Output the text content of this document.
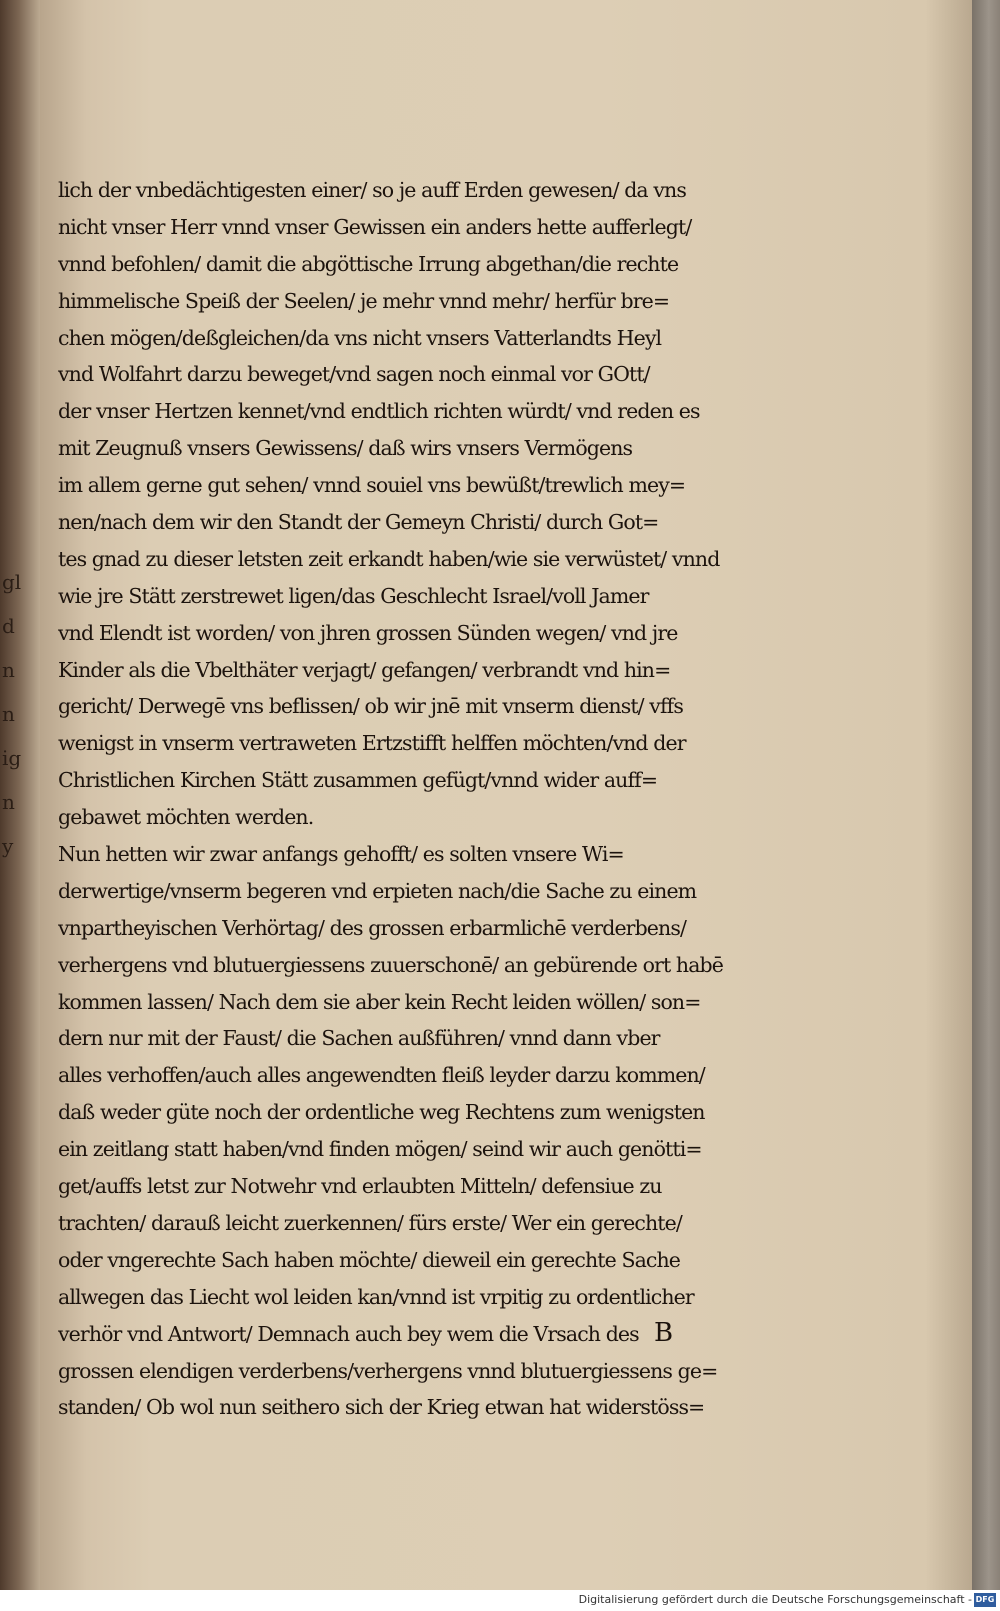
gl
d
n
n
ig
n
y
lich der vnbedächtigesten einer/ so je auff Erden gewesen/ da vns
nicht vnser Herr vnnd vnser Gewissen ein anders hette aufferlegt/
vnnd befohlen/ damit die abgöttische Irrung abgethan/die rechte
himmelische Speiß der Seelen/ je mehr vnnd mehr/ herfür bre=
chen mögen/deßgleichen/da vns nicht vnsers Vatterlandts Heyl
vnd Wolfahrt darzu beweget/vnd sagen noch einmal vor GOtt/
der vnser Hertzen kennet/vnd endtlich richten würdt/ vnd reden es
mit Zeugnuß vnsers Gewissens/ daß wirs vnsers Vermögens
im allem gerne gut sehen/ vnnd souiel vns bewüßt/trewlich mey=
nen/nach dem wir den Standt der Gemeyn Christi/ durch Got=
tes gnad zu dieser letsten zeit erkandt haben/wie sie verwüstet/ vnnd
wie jre Stätt zerstrewet ligen/das Geschlecht Israel/voll Jamer
vnd Elendt ist worden/ von jhren grossen Sünden wegen/ vnd jre
Kinder als die Vbelthäter verjagt/ gefangen/ verbrandt vnd hin=
gericht/ Derwegē vns beflissen/ ob wir jnē mit vnserm dienst/ vffs
wenigst in vnserm vertraweten Ertzstifft helffen möchten/vnd der
Christlichen Kirchen Stätt zusammen gefügt/vnnd wider auff=
gebawet möchten werden.
Nun hetten wir zwar anfangs gehofft/ es solten vnsere Wi=
derwertige/vnserm begeren vnd erpieten nach/die Sache zu einem
vnpartheyischen Verhörtag/ des grossen erbarmlichē verderbens/
verhergens vnd blutuergiessens zuuerschonē/ an gebürende ort habē
kommen lassen/ Nach dem sie aber kein Recht leiden wöllen/ son=
dern nur mit der Faust/ die Sachen außführen/ vnnd dann vber
alles verhoffen/auch alles angewendten fleiß leyder darzu kommen/
daß weder güte noch der ordentliche weg Rechtens zum wenigsten
ein zeitlang statt haben/vnd finden mögen/ seind wir auch genötti=
get/auffs letst zur Notwehr vnd erlaubten Mitteln/ defensiue zu
trachten/ darauß leicht zuerkennen/ fürs erste/ Wer ein gerechte/
oder vngerechte Sach haben möchte/ dieweil ein gerechte Sache
allwegen das Liecht wol leiden kan/vnnd ist vrpitig zu ordentlicher
verhör vnd Antwort/ Demnach auch bey wem die Vrsach des
grossen elendigen verderbens/verhergens vnnd blutuergiessens ge=
standen/ Ob wol nun seithero sich der Krieg etwan hat widerstöss=
B
Digitalisierung gefördert durch die Deutsche Forschungsgemeinschaft - DFG
